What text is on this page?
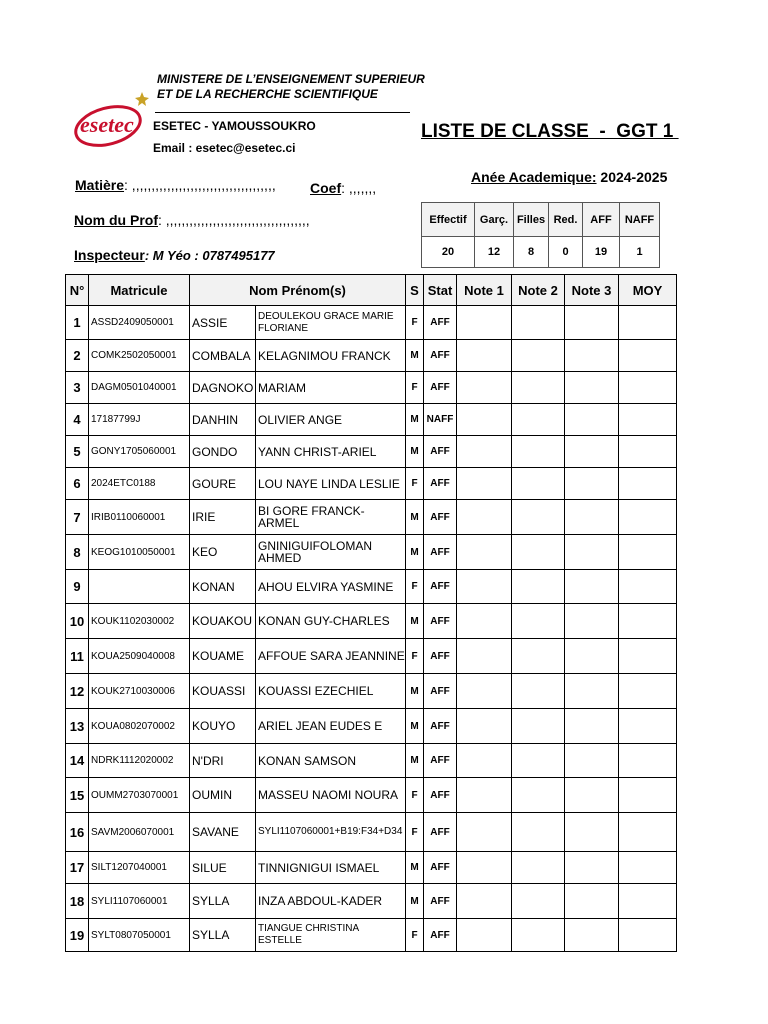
MINISTERE DE L’ENSEIGNEMENT SUPERIEUR
ET DE LA RECHERCHE SCIENTIFIQUE
esetec ESETEC - YAMOUSSOUKRO
Email : esetec@esetec.ci
LISTE DE CLASSE  -  GGT 1
Anée Academique: 2024-2025
Matière: ,,,,,,,,,,,,,,,,,,,,,,,,,,,,,,,,,,,,, Coef: ,,,,,,,
Nom du Prof: ,,,,,,,,,,,,,,,,,,,,,,,,,,,,,,,,,,,,,
Inspecteur: M Yéo : 0787495177
Effectif	Garç.	Filles	Red.	AFF	NAFF
20	12	8	0	19	1
N°	Matricule	Nom Prénom(s)		S	Stat	Note 1	Note 2	Note 3	MOY
1	ASSD2409050001	ASSIE	DEOULEKOU GRACE MARIE FLORIANE	F	AFF				
2	COMK2502050001	COMBALA	KELAGNIMOU FRANCK	M	AFF				
3	DAGM0501040001	DAGNOKO	MARIAM	F	AFF				
4	17187799J	DANHIN	OLIVIER ANGE	M	NAFF				
5	GONY1705060001	GONDO	YANN CHRIST-ARIEL	M	AFF				
6	2024ETC0188	GOURE	LOU NAYE LINDA LESLIE	F	AFF				
7	IRIB0110060001	IRIE	BI GORE FRANCK-ARMEL	M	AFF				
8	KEOG1010050001	KEO	GNINIGUIFOLOMAN AHMED	M	AFF				
9		KONAN	AHOU ELVIRA YASMINE	F	AFF				
10	KOUK1102030002	KOUAKOU	KONAN GUY-CHARLES	M	AFF				
11	KOUA2509040008	KOUAME	AFFOUE SARA JEANNINE	F	AFF				
12	KOUK2710030006	KOUASSI	KOUASSI EZECHIEL	M	AFF				
13	KOUA0802070002	KOUYO	ARIEL JEAN EUDES E	M	AFF				
14	NDRK1112020002	N'DRI	KONAN SAMSON	M	AFF				
15	OUMM2703070001	OUMIN	MASSEU NAOMI NOURA	F	AFF				
16	SAVM2006070001	SAVANE	SYLI1107060001+B19:F34+D34	F	AFF				
17	SILT1207040001	SILUE	TINNIGNIGUI ISMAEL	M	AFF				
18	SYLI1107060001	SYLLA	INZA ABDOUL-KADER	M	AFF				
19	SYLT0807050001	SYLLA	TIANGUE CHRISTINA ESTELLE	F	AFF				
